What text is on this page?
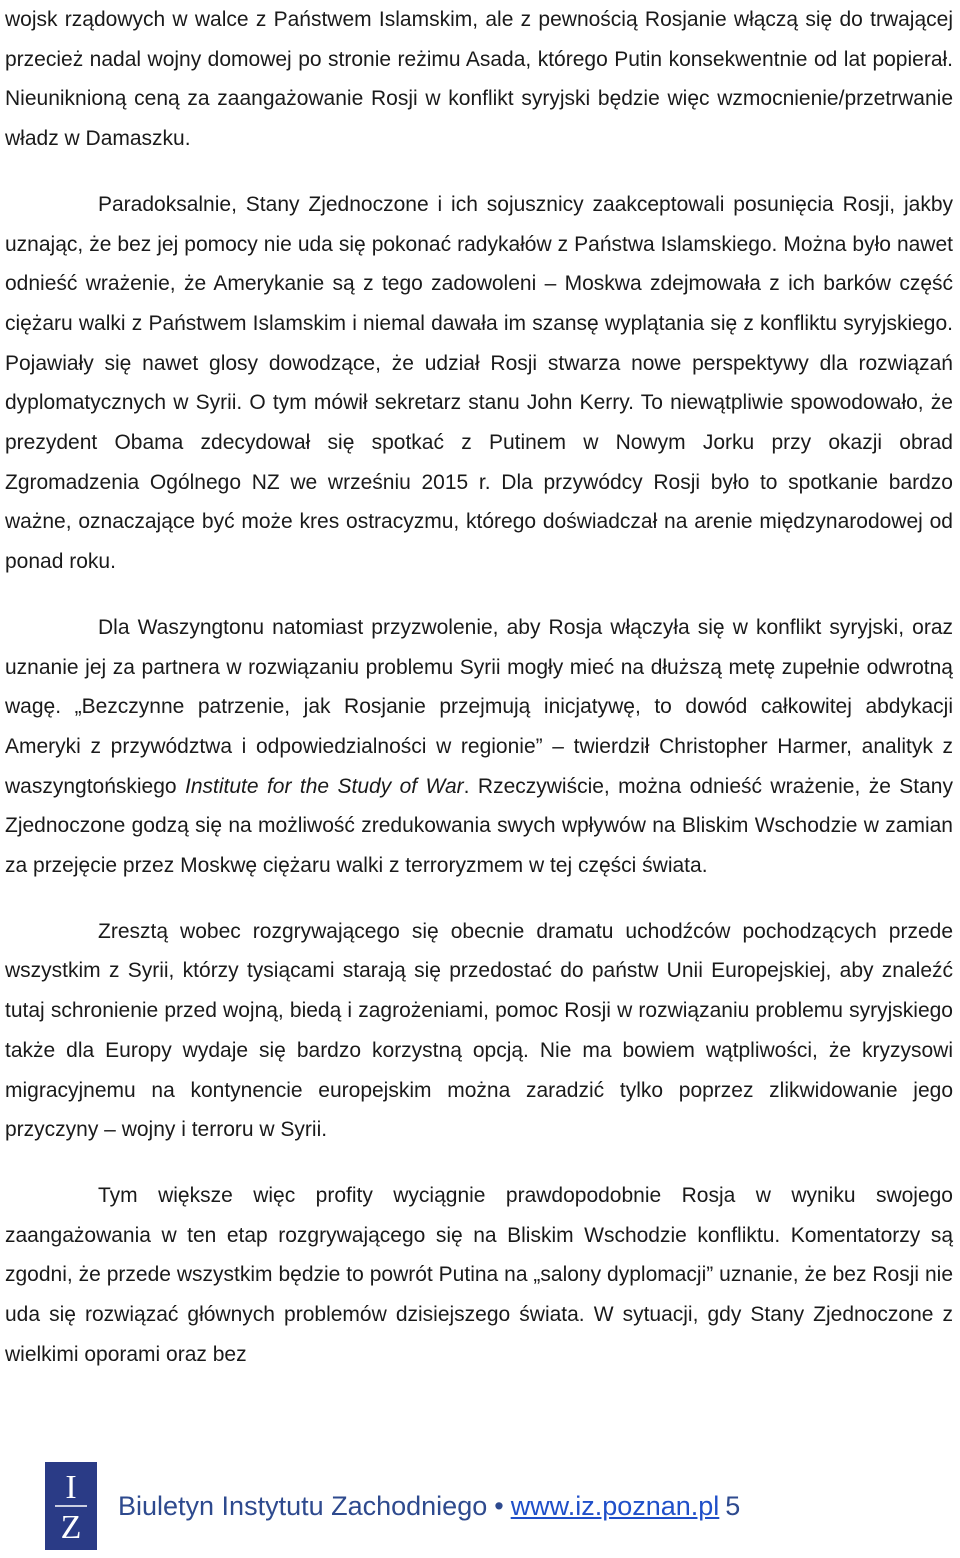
wojsk rządowych w walce z Państwem Islamskim, ale z pewnością Rosjanie włączą się do trwającej przecież nadal wojny domowej po stronie reżimu Asada, którego Putin konsekwentnie od lat popierał. Nieuniknioną ceną za zaangażowanie Rosji w konflikt syryjski będzie więc wzmocnienie/przetrwanie władz w Damaszku.

Paradoksalnie, Stany Zjednoczone i ich sojusznicy zaakceptowali posunięcia Rosji, jakby uznając, że bez jej pomocy nie uda się pokonać radykałów z Państwa Islamskiego. Można było nawet odnieść wrażenie, że Amerykanie są z tego zadowoleni – Moskwa zdejmowała z ich barków część ciężaru walki z Państwem Islamskim i niemal dawała im szansę wyplątania się z konfliktu syryjskiego. Pojawiały się nawet glosy dowodzące, że udział Rosji stwarza nowe perspektywy dla rozwiązań dyplomatycznych w Syrii. O tym mówił sekretarz stanu John Kerry. To niewątpliwie spowodowało, że prezydent Obama zdecydował się spotkać z Putinem w Nowym Jorku przy okazji obrad Zgromadzenia Ogólnego NZ we wrześniu 2015 r. Dla przywódcy Rosji było to spotkanie bardzo ważne, oznaczające być może kres ostracyzmu, którego doświadczał na arenie międzynarodowej od ponad roku.

Dla Waszyngtonu natomiast przyzwolenie, aby Rosja włączyła się w konflikt syryjski, oraz uznanie jej za partnera w rozwiązaniu problemu Syrii mogły mieć na dłuższą metę zupełnie odwrotną wagę. „Bezczynne patrzenie, jak Rosjanie przejmują inicjatywę, to dowód całkowitej abdykacji Ameryki z przywództwa i odpowiedzialności w regionie” – twierdził Christopher Harmer, analityk z waszyngtońskiego Institute for the Study of War. Rzeczywiście, można odnieść wrażenie, że Stany Zjednoczone godzą się na możliwość zredukowania swych wpływów na Bliskim Wschodzie w zamian za przejęcie przez Moskwę ciężaru walki z terroryzmem w tej części świata.

Zresztą wobec rozgrywającego się obecnie dramatu uchodźców pochodzących przede wszystkim z Syrii, którzy tysiącami starają się przedostać do państw Unii Europejskiej, aby znaleźć tutaj schronienie przed wojną, biedą i zagrożeniami, pomoc Rosji w rozwiązaniu problemu syryjskiego także dla Europy wydaje się bardzo korzystną opcją. Nie ma bowiem wątpliwości, że kryzysowi migracyjnemu na kontynencie europejskim można zaradzić tylko poprzez zlikwidowanie jego przyczyny – wojny i terroru w Syrii.

Tym większe więc profity wyciągnie prawdopodobnie Rosja w wyniku swojego zaangażowania w ten etap rozgrywającego się na Bliskim Wschodzie konfliktu. Komentatorzy są zgodni, że przede wszystkim będzie to powrót Putina na „salony dyplomacji” uznanie, że bez Rosji nie uda się rozwiązać głównych problemów dzisiejszego świata. W sytuacji, gdy Stany Zjednoczone z wielkimi oporami oraz bez

I
Z
Biuletyn Instytutu Zachodniego • www.iz.poznan.pl 5
